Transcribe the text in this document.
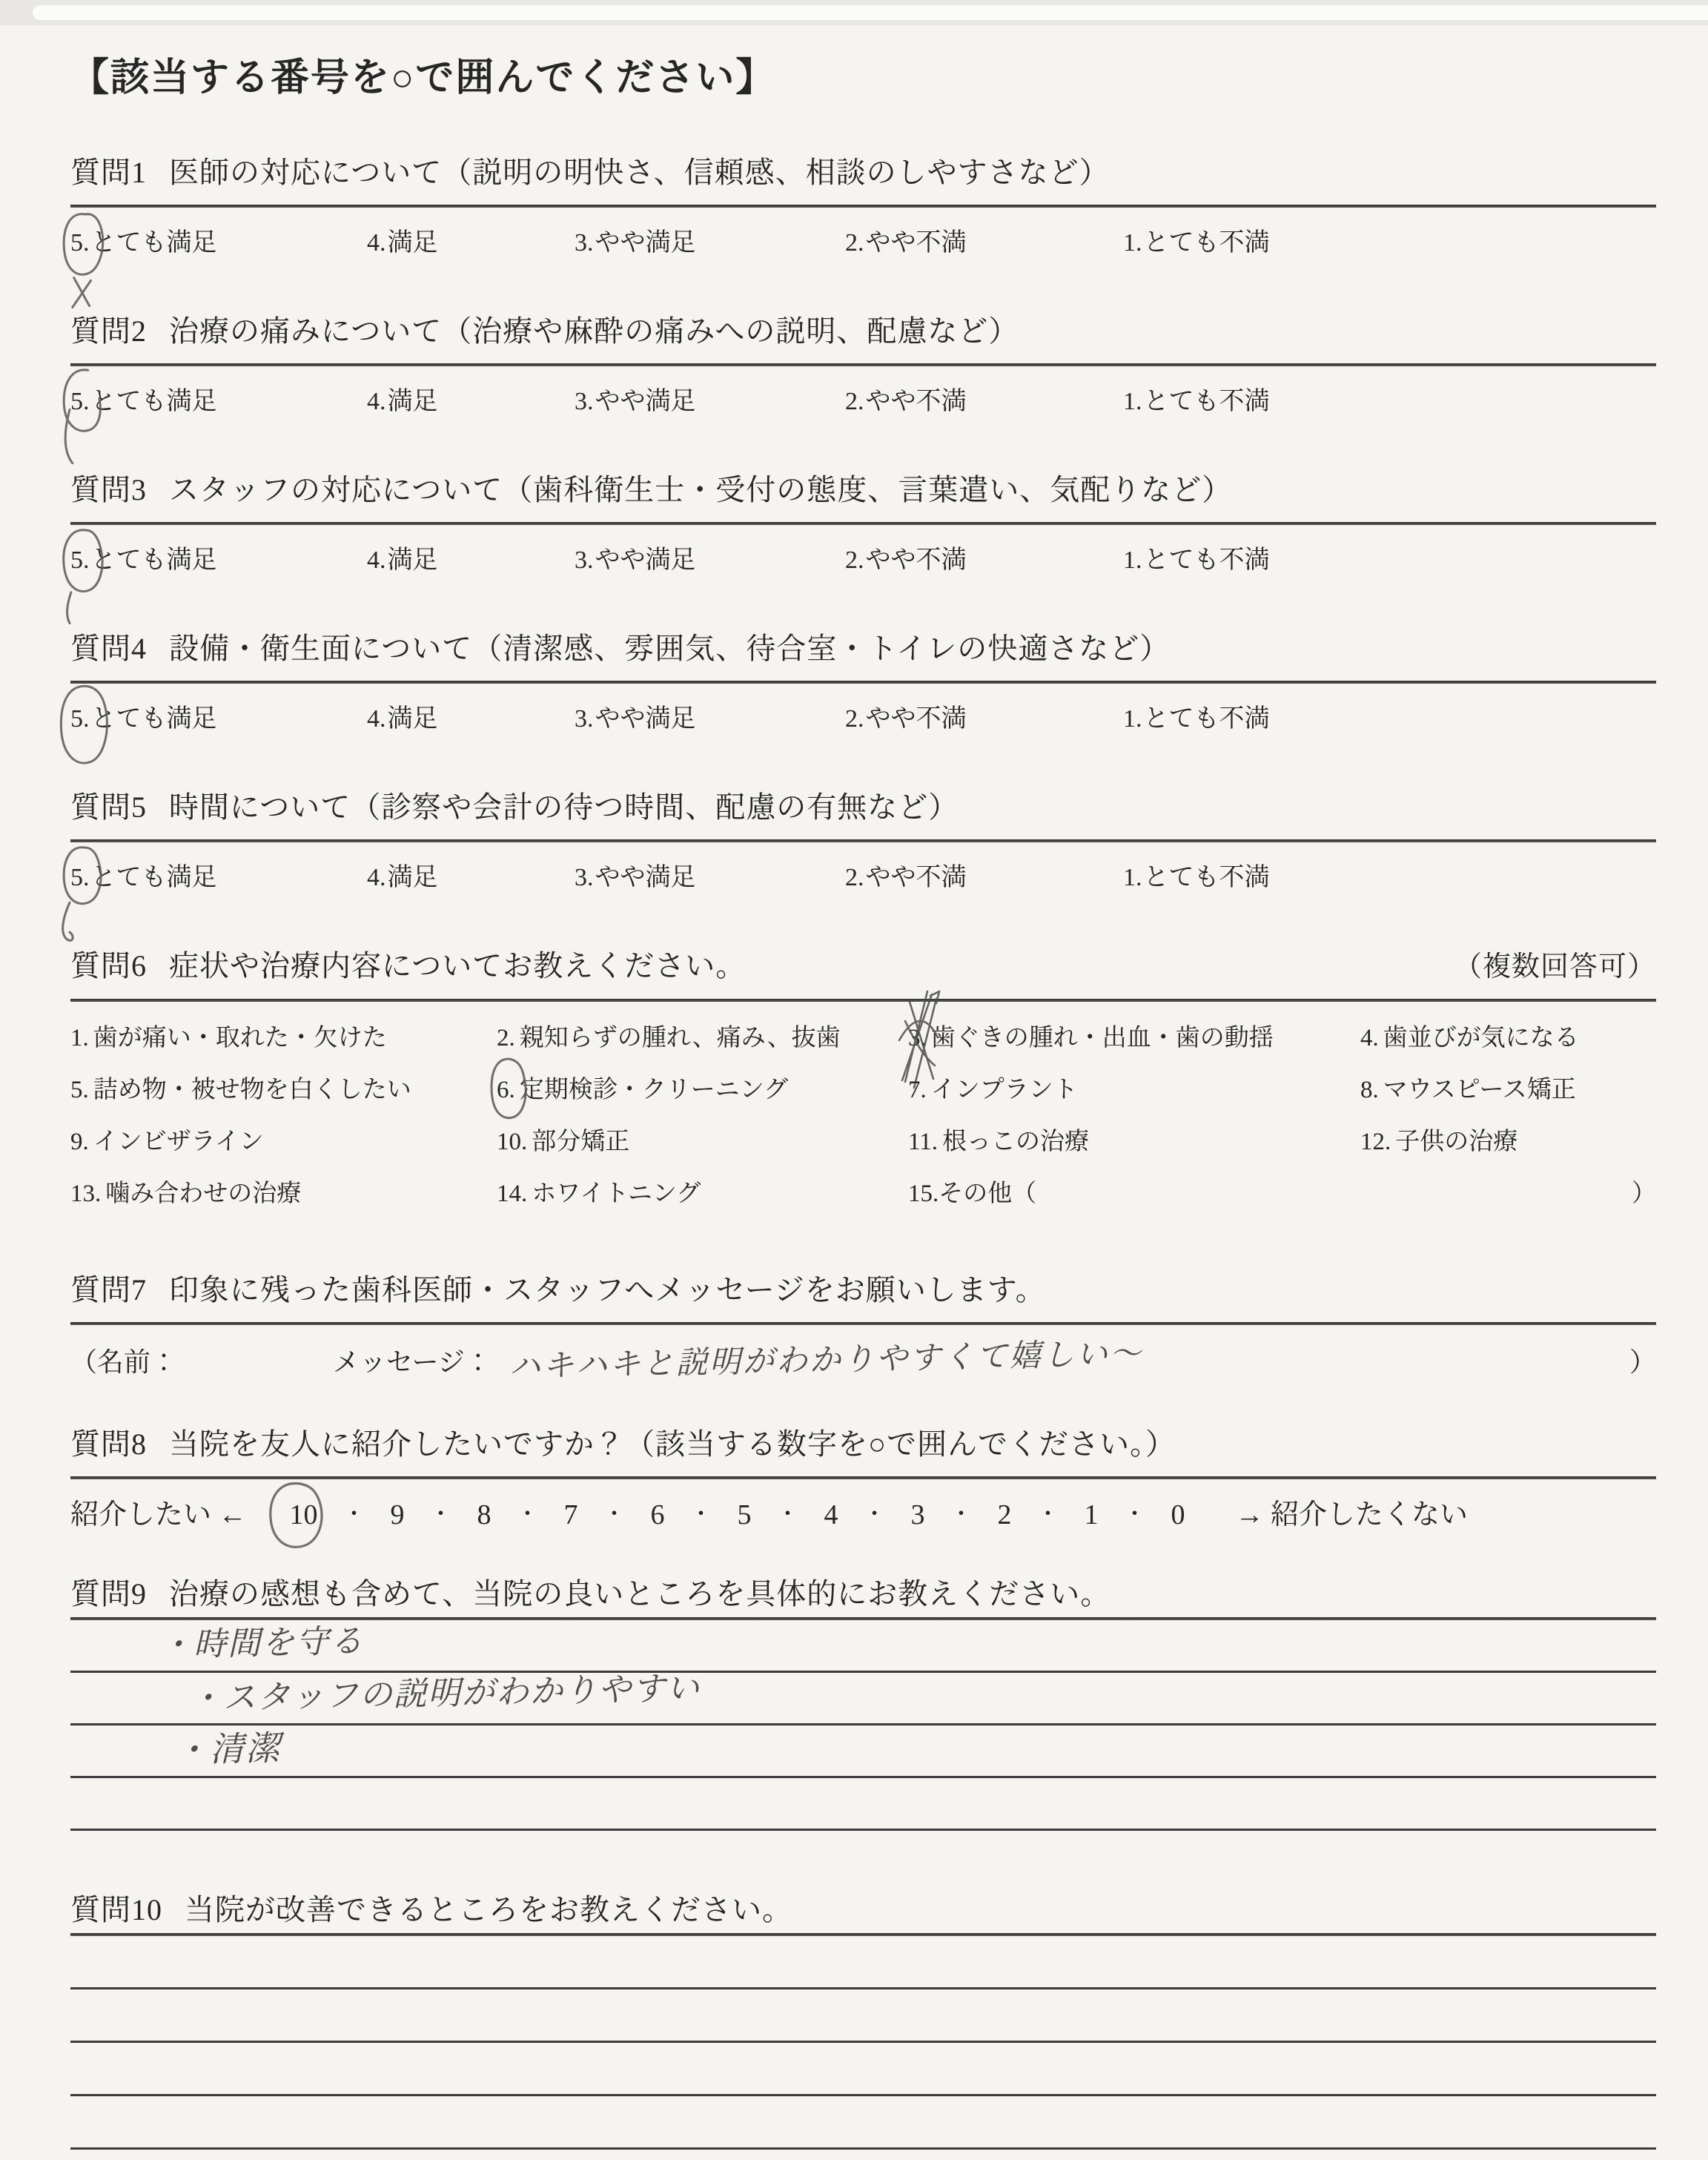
【該当する番号を○で囲んでください】
質問1 医師の対応について（説明の明快さ、信頼感、相談のしやすさなど）
5.とても満足	4.満足	3.やや満足	2.やや不満	1.とても不満
質問2 治療の痛みについて（治療や麻酔の痛みへの説明、配慮など）
5.とても満足	4.満足	3.やや満足	2.やや不満	1.とても不満
質問3 スタッフの対応について（歯科衛生士・受付の態度、言葉遣い、気配りなど）
5.とても満足	4.満足	3.やや満足	2.やや不満	1.とても不満
質問4 設備・衛生面について（清潔感、雰囲気、待合室・トイレの快適さなど）
5.とても満足	4.満足	3.やや満足	2.やや不満	1.とても不満
質問5 時間について（診察や会計の待つ時間、配慮の有無など）
5.とても満足	4.満足	3.やや満足	2.やや不満	1.とても不満
質問6 症状や治療内容についてお教えください。	（複数回答可）
1. 歯が痛い・取れた・欠けた	2. 親知らずの腫れ、痛み、抜歯	3. 歯ぐきの腫れ・出血・歯の動揺	4. 歯並びが気になる
5. 詰め物・被せ物を白くしたい	6. 定期検診・クリーニング	7. インプラント	8. マウスピース矯正
9. インビザライン	10. 部分矯正	11. 根っこの治療	12. 子供の治療
13. 噛み合わせの治療	14. ホワイトニング	15. その他（	）
質問7 印象に残った歯科医師・スタッフへメッセージをお願いします。
（名前：	メッセージ： ハキハキと説明がわかりやすくて嬉しい〜	）
質問8 当院を友人に紹介したいですか？（該当する数字を○で囲んでください。）
紹介したい ←	10	・ 9	・ 8	・ 7	・ 6	・ 5	・ 4	・ 3	・ 2	・ 1	・ 0	→ 紹介したくない
質問9 治療の感想も含めて、当院の良いところを具体的にお教えください。
・時間を守る
・スタッフの説明がわかりやすい
・清潔
質問10 当院が改善できるところをお教えください。
